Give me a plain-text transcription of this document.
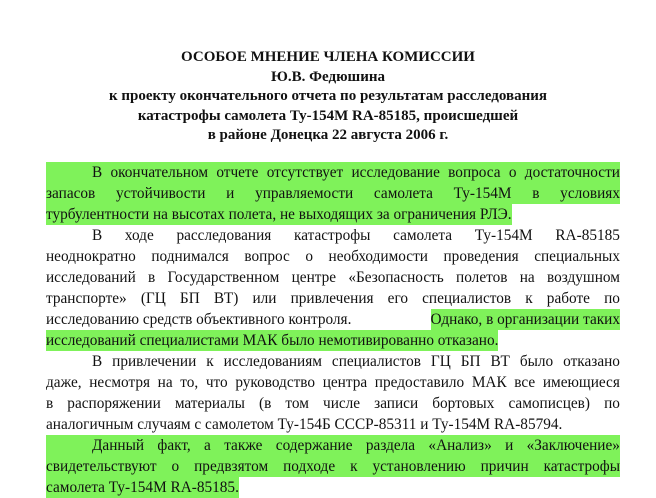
ОСОБОЕ МНЕНИЕ ЧЛЕНА КОМИССИИ
Ю.В. Федюшина
к проекту окончательного отчета по результатам расследования
катастрофы самолета Ту-154М RA-85185, происшедшей
в районе Донецка 22 августа 2006 г.
В окончательном отчете отсутствует исследование вопроса о достаточности
запасов устойчивости и управляемости самолета Ту-154М в условиях
турбулентности на высотах полета, не выходящих за ограничения РЛЭ.
В ходе расследования катастрофы самолета Ту-154М RA-85185
неоднократно поднимался вопрос о необходимости проведения специальных
исследований в Государственном центре «Безопасность полетов на воздушном
транспорте» (ГЦ БП ВТ) или привлечения его специалистов к работе по
исследованию средств объективного контроля.	Однако, в организации таких
исследований специалистами МАК было немотивированно отказано.
В привлечении к исследованиям специалистов ГЦ БП ВТ было отказано
даже, несмотря на то, что руководство центра предоставило МАК все имеющиеся
в распоряжении материалы (в том числе записи бортовых самописцев) по
аналогичным случаям с самолетом Ту-154Б СССР-85311 и Ту-154М RA-85794.
Данный факт, а также содержание раздела «Анализ» и «Заключение»
свидетельствуют о предвзятом подходе к установлению причин катастрофы
самолета Ту-154М RA-85185.
